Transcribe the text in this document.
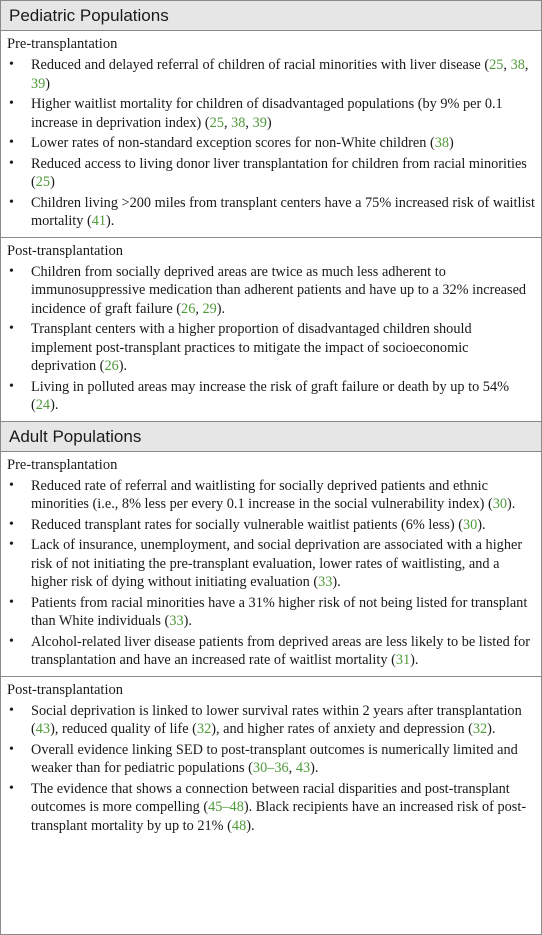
Pediatric Populations
Pre-transplantation
• Reduced and delayed referral of children of racial minorities with liver disease (25, 38, 39)
• Higher waitlist mortality for children of disadvantaged populations (by 9% per 0.1 increase in deprivation index) (25, 38, 39)
• Lower rates of non-standard exception scores for non-White children (38)
• Reduced access to living donor liver transplantation for children from racial minorities (25)
• Children living >200 miles from transplant centers have a 75% increased risk of waitlist mortality (41).
Post-transplantation
• Children from socially deprived areas are twice as much less adherent to immunosuppressive medication than adherent patients and have up to a 32% increased incidence of graft failure (26, 29).
• Transplant centers with a higher proportion of disadvantaged children should implement post-transplant practices to mitigate the impact of socioeconomic deprivation (26).
• Living in polluted areas may increase the risk of graft failure or death by up to 54% (24).
Adult Populations
Pre-transplantation
• Reduced rate of referral and waitlisting for socially deprived patients and ethnic minorities (i.e., 8% less per every 0.1 increase in the social vulnerability index) (30).
• Reduced transplant rates for socially vulnerable waitlist patients (6% less) (30).
• Lack of insurance, unemployment, and social deprivation are associated with a higher risk of not initiating the pre-transplant evaluation, lower rates of waitlisting, and a higher risk of dying without initiating evaluation (33).
• Patients from racial minorities have a 31% higher risk of not being listed for transplant than White individuals (33).
• Alcohol-related liver disease patients from deprived areas are less likely to be listed for transplantation and have an increased rate of waitlist mortality (31).
Post-transplantation
• Social deprivation is linked to lower survival rates within 2 years after transplantation (43), reduced quality of life (32), and higher rates of anxiety and depression (32).
• Overall evidence linking SED to post-transplant outcomes is numerically limited and weaker than for pediatric populations (30–36, 43).
• The evidence that shows a connection between racial disparities and post-transplant outcomes is more compelling (45–48). Black recipients have an increased risk of post-transplant mortality by up to 21% (48).
